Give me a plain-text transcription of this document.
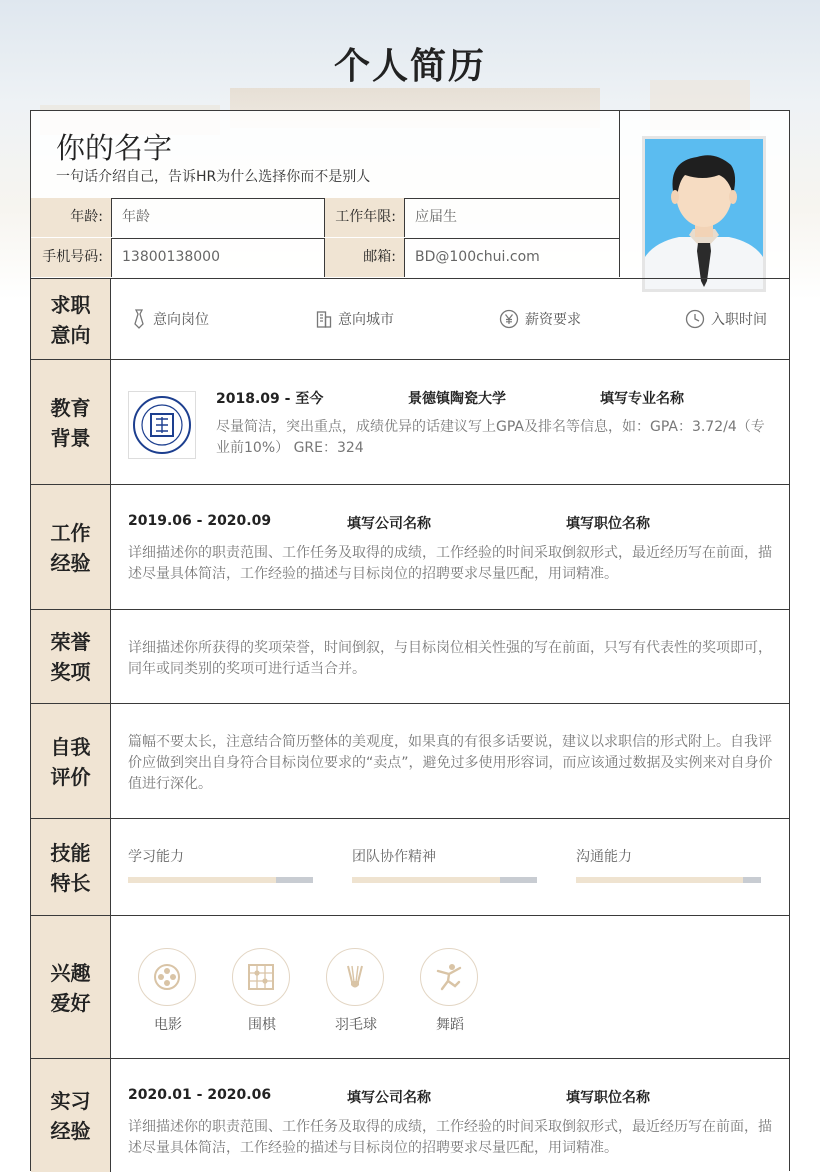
个人简历
你的名字
一句话介绍自己，告诉HR为什么选择你而不是别人
年龄:	年龄	工作年限:	应届生
手机号码:	13800138000	邮箱:	BD@100chui.com
求职意向
意向岗位	意向城市	薪资要求	入职时间
教育背景
2018.09 - 至今	景德镇陶瓷大学	填写专业名称
尽量简洁，突出重点，成绩优异的话建议写上GPA及排名等信息，如：GPA：3.72/4（专业前10%） GRE：324
工作经验
2019.06 - 2020.09	填写公司名称	填写职位名称
详细描述你的职责范围、工作任务及取得的成绩，工作经验的时间采取倒叙形式，最近经历写在前面，描述尽量具体简洁，工作经验的描述与目标岗位的招聘要求尽量匹配，用词精准。
荣誉奖项
详细描述你所获得的奖项荣誉，时间倒叙，与目标岗位相关性强的写在前面，只写有代表性的奖项即可，同年或同类别的奖项可进行适当合并。
自我评价
篇幅不要太长，注意结合简历整体的美观度，如果真的有很多话要说，建议以求职信的形式附上。自我评价应做到突出自身符合目标岗位要求的“卖点”，避免过多使用形容词，而应该通过数据及实例来对自身价值进行深化。
技能特长
学习能力	团队协作精神	沟通能力
兴趣爱好
电影	围棋	羽毛球	舞蹈
实习经验
2020.01 - 2020.06	填写公司名称	填写职位名称
详细描述你的职责范围、工作任务及取得的成绩，工作经验的时间采取倒叙形式，最近经历写在前面，描述尽量具体简洁，工作经验的描述与目标岗位的招聘要求尽量匹配，用词精准。
